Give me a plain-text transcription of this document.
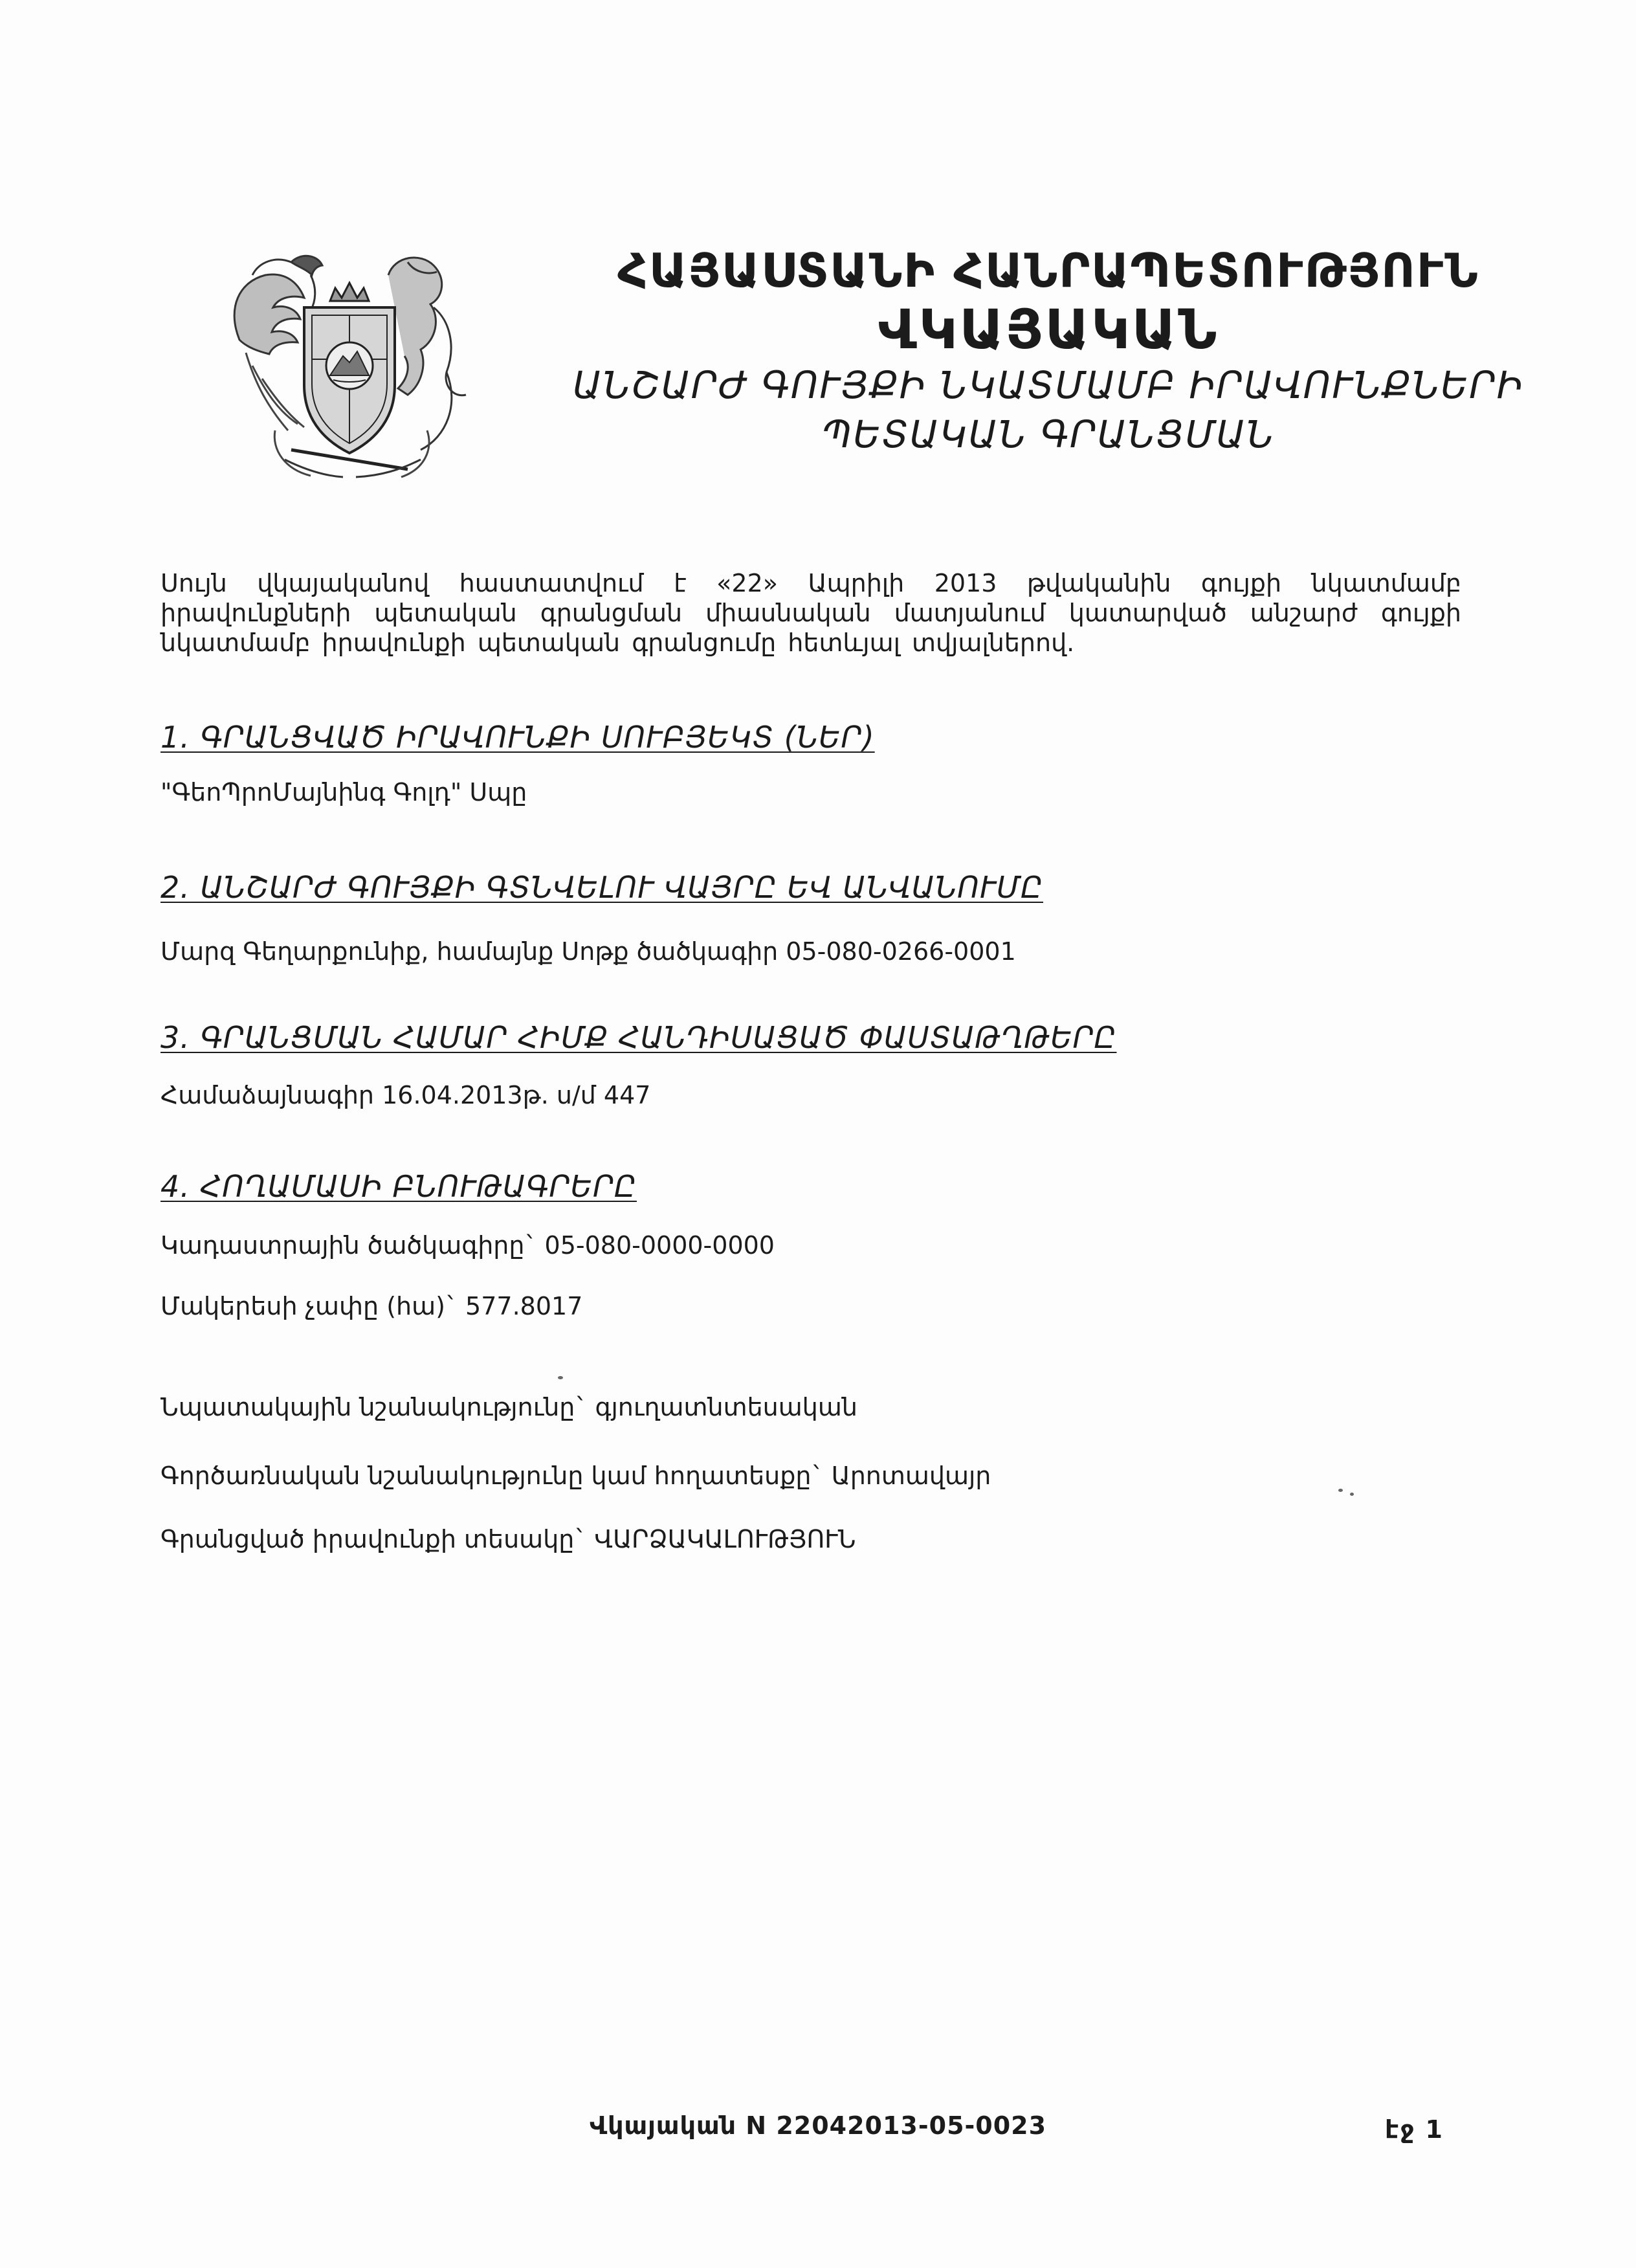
ՀԱՅԱՍՏԱՆԻ ՀԱՆՐԱՊԵՏՈՒԹՅՈՒՆ
ՎԿԱՅԱԿԱՆ
ԱՆՇԱՐԺ ԳՈՒՅՔԻ ՆԿԱՏՄԱՄԲ ԻՐԱՎՈՒՆՔՆԵՐԻ
ՊԵՏԱԿԱՆ ԳՐԱՆՑՄԱՆ
Սույն վկայականով հաստատվում է «22» Ապրիլի 2013 թվականին գույքի նկատմամբ իրավունքների պետական գրանցման միասնական մատյանում կատարված անշարժ գույքի նկատմամբ իրավունքի պետական գրանցումը հետևյալ տվյալներով.
1. ԳՐԱՆՑՎԱԾ ԻՐԱՎՈՒՆՔԻ ՍՈՒԲՅԵԿՏ (ՆԵՐ)
"ԳեոՊրոՄայնինգ Գոլդ" Սպը
2. ԱՆՇԱՐԺ ԳՈՒՅՔԻ ԳՏՆՎԵԼՈՒ ՎԱՅՐԸ ԵՎ ԱՆՎԱՆՈՒՄԸ
Մարզ Գեղարքունիք, համայնք Սոթք ծածկագիր 05-080-0266-0001
3. ԳՐԱՆՑՄԱՆ ՀԱՄԱՐ ՀԻՄՔ ՀԱՆԴԻՍԱՑԱԾ ՓԱՍՏԱԹՂԹԵՐԸ
Համաձայնագիր 16.04.2013թ. ս/մ 447
4. ՀՈՂԱՄԱՍԻ ԲՆՈՒԹԱԳՐԵՐԸ
Կադաստրային ծածկագիրը` 05-080-0000-0000
Մակերեսի չափը (հա)` 577.8017
Նպատակային նշանակությունը` գյուղատնտեսական
Գործառնական նշանակությունը կամ հողատեսքը` Արոտավայր
Գրանցված իրավունքի տեսակը` ՎԱՐՁԱԿԱԼՈՒԹՅՈՒՆ
Վկայական N 22042013-05-0023	էջ 1
